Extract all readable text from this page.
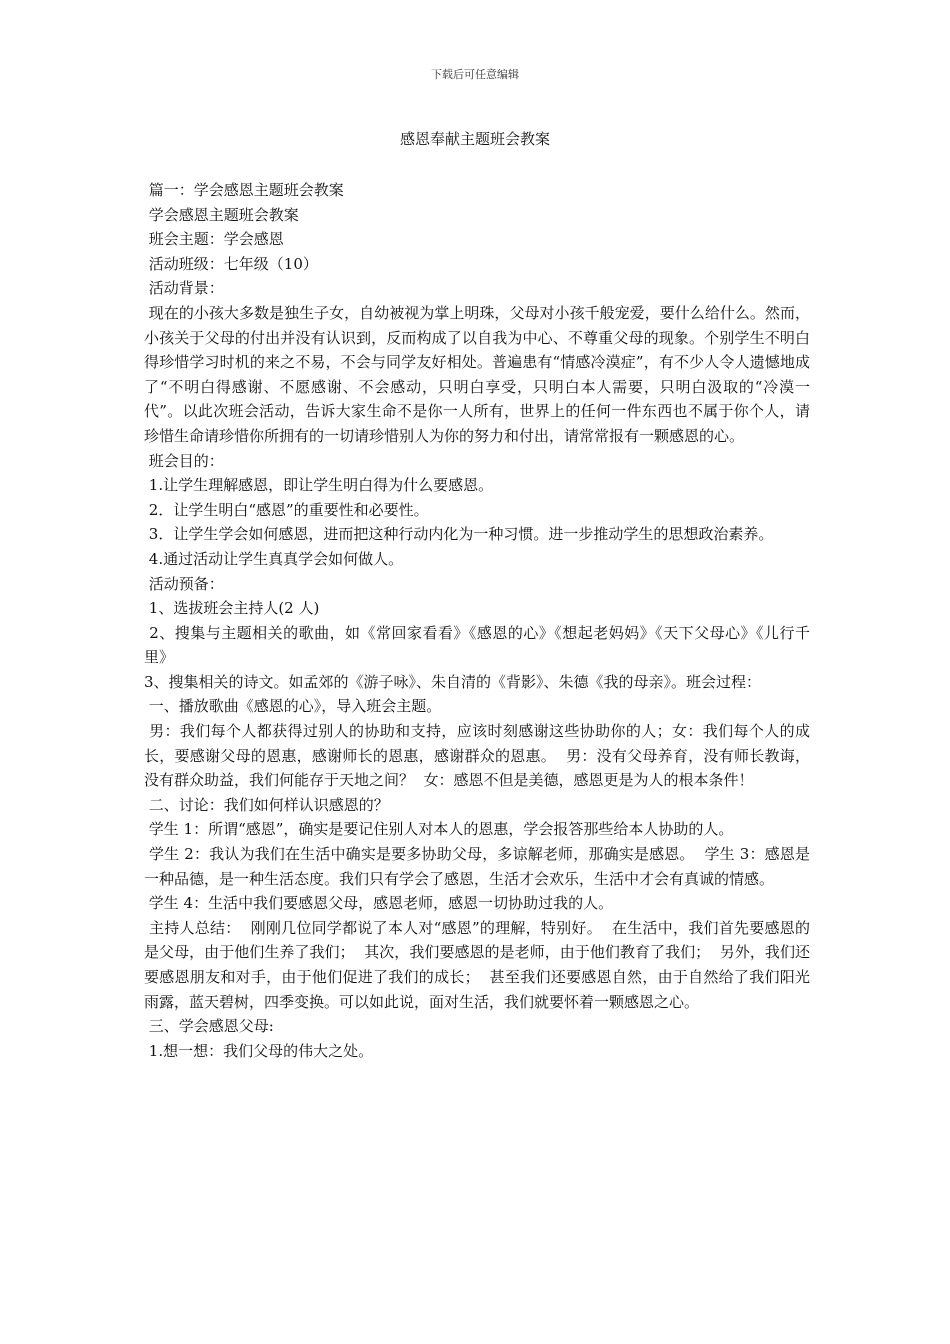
下载后可任意编辑
感恩奉献主题班会教案

篇一：学会感恩主题班会教案

学会感恩主题班会教案

班会主题：学会感恩

活动班级：七年级（10）

活动背景：

现在的小孩大多数是独生子女，自幼被视为掌上明珠，父母对小孩千般宠爱，要什么给什么。然而，小孩关于父母的付出并没有认识到，反而构成了以自我为中心、不尊重父母的现象。个别学生不明白得珍惜学习时机的来之不易，不会与同学友好相处。普遍患有“情感冷漠症”，有不少人令人遗憾地成了“不明白得感谢、不愿感谢、不会感动，只明白享受，只明白本人需要，只明白汲取的“冷漠一代”。以此次班会活动，告诉大家生命不是你一人所有，世界上的任何一件东西也不属于你个人，请珍惜生命请珍惜你所拥有的一切请珍惜别人为你的努力和付出，请常常报有一颗感恩的心。

班会目的：

1.让学生理解感恩，即让学生明白得为什么要感恩。

2．让学生明白“感恩”的重要性和必要性。

3．让学生学会如何感恩，进而把这种行动内化为一种习惯。进一步推动学生的思想政治素养。

4.通过活动让学生真真学会如何做人。

活动预备：

1、选拔班会主持人(2 人)

2、搜集与主题相关的歌曲，如《常回家看看》《感恩的心》《想起老妈妈》《天下父母心》《儿行千里》

3、搜集相关的诗文。如孟郊的《游子咏》、朱自清的《背影》、朱德《我的母亲》。班会过程：

一、播放歌曲《感恩的心》，导入班会主题。

男：我们每个人都获得过别人的协助和支持，应该时刻感谢这些协助你的人；女：我们每个人的成长，要感谢父母的恩惠，感谢师长的恩惠，感谢群众的恩惠。  男：没有父母养育，没有师长教诲，没有群众助益，我们何能存于天地之间？  女：感恩不但是美德，感恩更是为人的根本条件！

二、讨论：我们如何样认识感恩的？

学生 1：所谓“感恩”，确实是要记住别人对本人的恩惠，学会报答那些给本人协助的人。

学生 2：我认为我们在生活中确实是要多协助父母，多谅解老师，那确实是感恩。  学生 3：感恩是一种品德，是一种生活态度。我们只有学会了感恩，生活才会欢乐，生活中才会有真诚的情感。

学生 4：生活中我们要感恩父母，感恩老师，感恩一切协助过我的人。

主持人总结：  刚刚几位同学都说了本人对“感恩”的理解，特别好。  在生活中，我们首先要感恩的是父母，由于他们生养了我们；  其次，我们要感恩的是老师，由于他们教育了我们；  另外，我们还要感恩朋友和对手，由于他们促进了我们的成长；  甚至我们还要感恩自然，由于自然给了我们阳光雨露，蓝天碧树，四季变换。可以如此说，面对生活，我们就要怀着一颗感恩之心。

三、学会感恩父母:

1.想一想：我们父母的伟大之处。
